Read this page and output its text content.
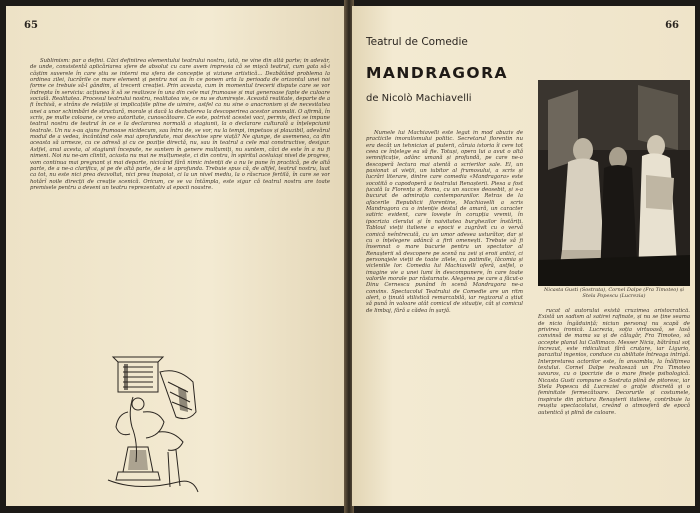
65

Sublimism: par a defini. Căci definiirea elementului teatrului nostru, iată, ne vine din altă parte; în adevăr, de unde, consistentă aplicăriarea sfere de absolut cu care avem impresia că se mișcă teatrul, cum gata să-i câștim suverele în care știu se interni ma sfera de concepție și viziune artistică... Dezbătând problema la ordinea zilei, lucrările ce mare element și pentru noi au în ce ponem arta la perioada de orizontul unei noi forme ce trebuie să-l gândim, al trecerii creației. Prin aceasta, cum în momentul trecerii dispute care se vor îndrepta în serviciu: acțiunea îi să se realizeze în una din cele mai frumoase și mai generoase fapte de culoare socială. Realitatea. Procesul teatrului nostru, realitatea vie, ce nu se dumirește. Această realitate, departe de a fi închisă, e strâns de relațiile și implicațiile pline de uimire, astfel ca nu sine o anacronism și de necesitatea unei a unor schimbări de structură, morale și dacă la dezbaterea la descoperirea acestor anomalii. O afirmă, în scris, pe multe coloane, ce vreo autoritate, cunoscătoare. Ce este, potrivit acestei voci, permis, deci se impune teatrul nostru de teatrul în ce e la declararea normală a stagiunii, la o declarare culturală a înțelepciunii teatrale. Un nu s-au ajuns frumoase nicidecum, sau întru de, se vor, nu la tempi, impetuos și plauzibil, adevărul modul de a vedea, încântând cele mai aprofundate, mai deschise spre viață? Ne ajunge, de asemenea, ca din aceasta să urmeze, cu ce adresă și cu ce poziție directă, nu, sau în teatrul a cele mai constructive, desigur. Astfel, anul acesta, al stagiunii începute, ne suntem în genere mulțumiți, nu suntem, căci de este în a nu fi nimeni. Noi nu ne-am clintit, aciasta nu mai ne mulțumește, ci din contra, în spiritul aceluiași nivel de progres, vom continua mai pregnant și mai departe, nicicând fără nimic intenții de a nu le pune în practică, pe de altă parte, de a ne-a clarifica, și pe de altă parte, de a le aprofunda. Trebuie spus că, de altfel, teatrul nostru, luat ca tot, nu este nici prea dezvoltat, nici prea înapoiat, ci la un nivel mediu, la o răscruce fertilă, în care se vor hotărî noile direcții de creație scenică. Oricum, ce se va întâmpla, este sigur că teatrul nostru are toate premisele pentru a deveni un teatru reprezentativ al epocii noastre.

66
Teatrul de Comedie
MANDRAGORA
de Nicolò Machiavelli
Nicasta Gusti (Sostrata), Cornel Dalpe (Fra Timoteo) și Stela Popescu (Lucrezia)

Numele lui Machiavelli este legat în mod abuziv de practicile imoralismului politic. Secretarul florentin nu era decât un tehnician al puterii, căruia istoria îi cere tot ceea ce înțelege ea să fie. Totuși, opera lui a avut o altă semnificație, adânc umană și profundă, pe care ne-o descoperă lectura mai atentă a scrierilor sale. El, un pasionat al vieții, un iubitor al frumosului, a scris și lucrări literare, dintre care comedia «Mandragora» este socotită o capodoperă a teatrului Renașterii. Piesa a fost jucată la Florența și Roma, cu un succes deosebit, și s-a bucurat de admirația contemporanilor. Retras de la afacerile Republicii florentine, Machiavelli a scris Mandragora cu o intenție destul de amară, un caracter satiric evident, care lovește în corupția vremii, în ipocrizia clerului și în naivitatea burghezilor înstăriți. Tabloul vieții italiene a epocii e zugrăvit cu o vervă comică neîntrecută, cu un umor adesea usturător, dar și cu o înțelegere adâncă a firii omenești. Trebuie să fi însemnat o mare bucurie pentru un spectator al Renașterii să descopere pe scenă nu zeii și eroii antici, ci personajele vieții de toate zilele, cu patimile, lăcomia și vicleniile lor. Comedia lui Machiavelli oferă, astfel, o imagine vie a unei lumi în descompunere, în care toate valorile morale par răsturnate. Alegerea pe care a făcut-o Dinu Cernescu punând în scenă Mandragora ne-a convins. Spectacolul Teatrului de Comedie are un ritm alert, o ținută stilistică remarcabilă, iar regizorul a știut să pună în valoare atât comicul de situație, cât și comicul de limbaj, fără a cădea în șarjă.	rucat al autorului există cruzimea aristocratică. Există un sadism al satirei rafinate, și nu se ține seama de nicio îngăduință; niciun personaj nu scapă de privirea ironică. Lucrezia, soția virtuoasă, se lasă convinsă de mama sa și de călugăr, Fra Timoteo, să accepte planul lui Callimaco. Messer Nicia, bătrânul soț încrezut, este ridiculizat fără cruțare, iar Ligurio, parazitul ingenios, conduce cu abilitate întreaga intrigă. Interpretarea actorilor este, în ansamblu, la înălțimea textului. Cornel Dalpe realizează un Fra Timoteo savuros, cu o ipocrizie de o mare finețe psihologică. Nicasta Gusti compune o Sostrata plină de pitoresc, iar Stela Popescu dă Lucreziei o grație discretă și o feminitate fermecătoare. Decorurile și costumele, inspirate din pictura Renașterii italiene, contribuie la reușita spectacolului, creând o atmosferă de epocă autentică și plină de culoare.
